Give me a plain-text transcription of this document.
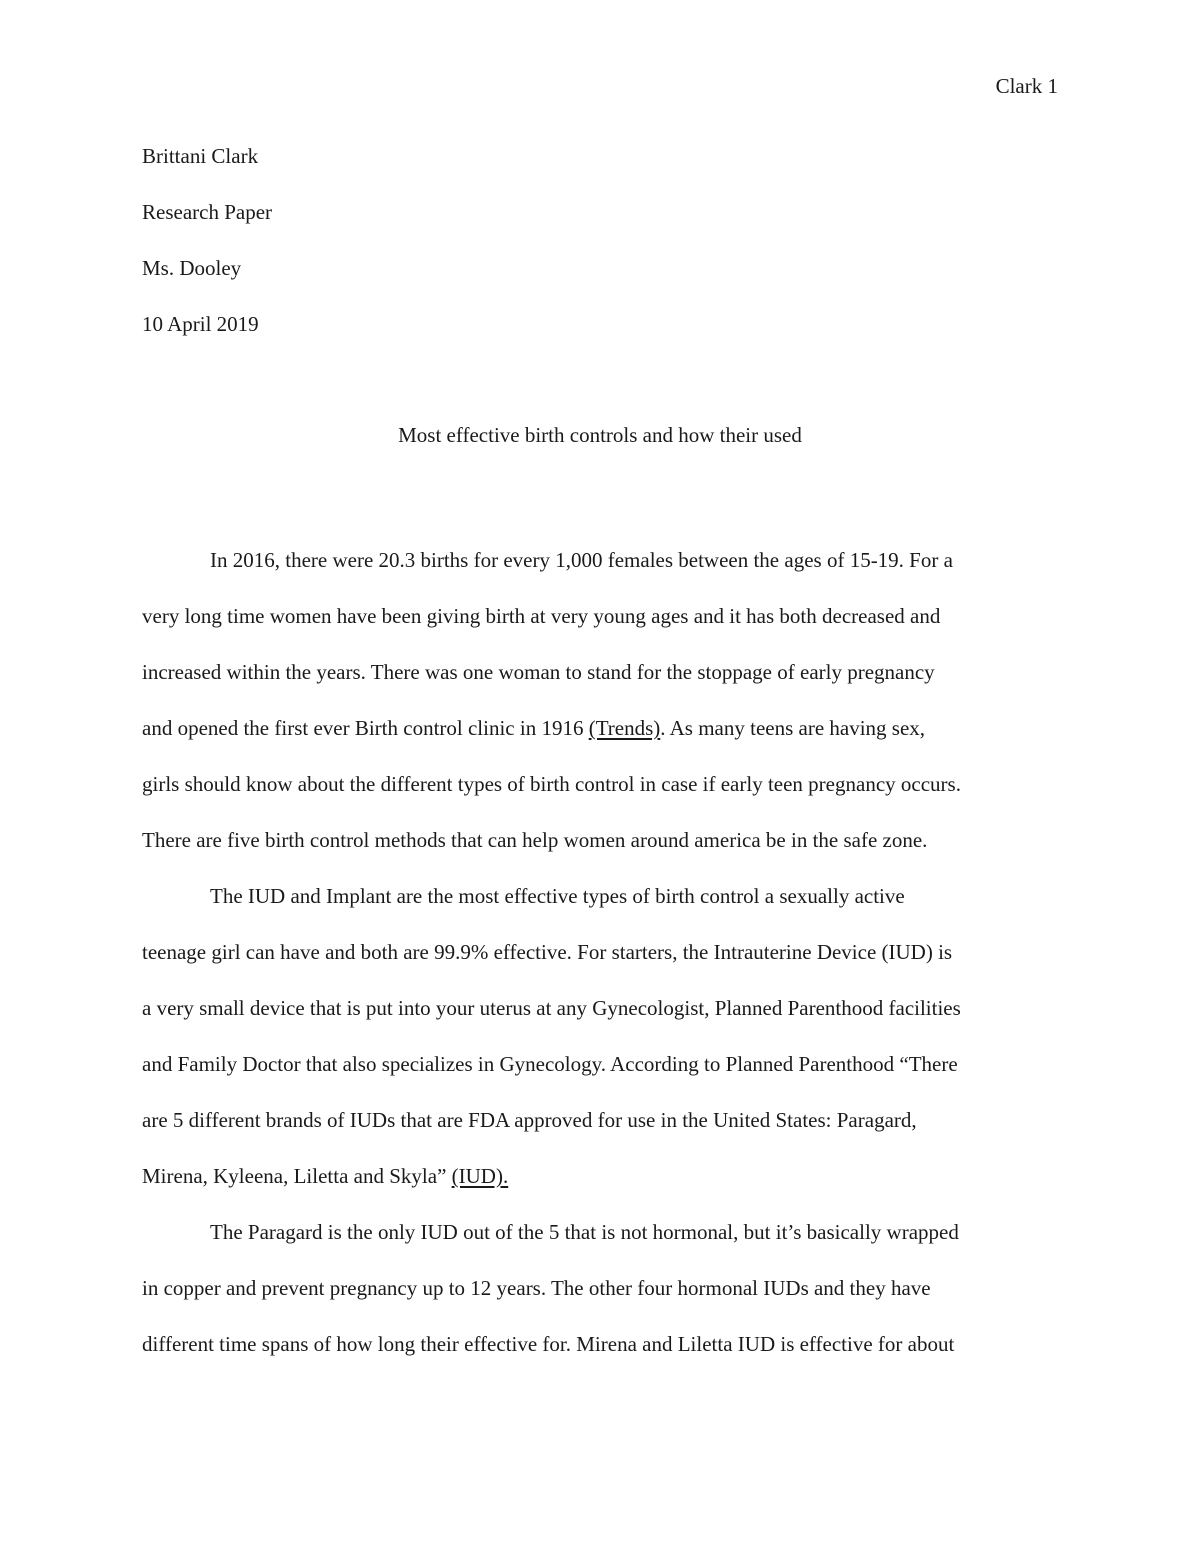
Clark 1
Brittani Clark
Research Paper
Ms. Dooley
10 April 2019
Most effective birth controls and how their used
In 2016, there were 20.3 births for every 1,000 females between the ages of 15-19. For a
very long time women have been giving birth at very young ages and it has both decreased and
increased within the years. There was one woman to stand for the stoppage of early pregnancy
and opened the first ever Birth control clinic in 1916 (Trends). As many teens are having sex,
girls should know about the different types of birth control in case if early teen pregnancy occurs.
There are five birth control methods that can help women around america be in the safe zone.
The IUD and Implant are the most effective types of birth control a sexually active
teenage girl can have and both are 99.9% effective. For starters, the Intrauterine Device (IUD) is
a very small device that is put into your uterus at any Gynecologist, Planned Parenthood facilities
and Family Doctor that also specializes in Gynecology. According to Planned Parenthood “There
are 5 different brands of IUDs that are FDA approved for use in the United States: Paragard,
Mirena, Kyleena, Liletta and Skyla” (IUD).
The Paragard is the only IUD out of the 5 that is not hormonal, but it’s basically wrapped
in copper and prevent pregnancy up to 12 years. The other four hormonal IUDs and they have
different time spans of how long their effective for. Mirena and Liletta IUD is effective for about
